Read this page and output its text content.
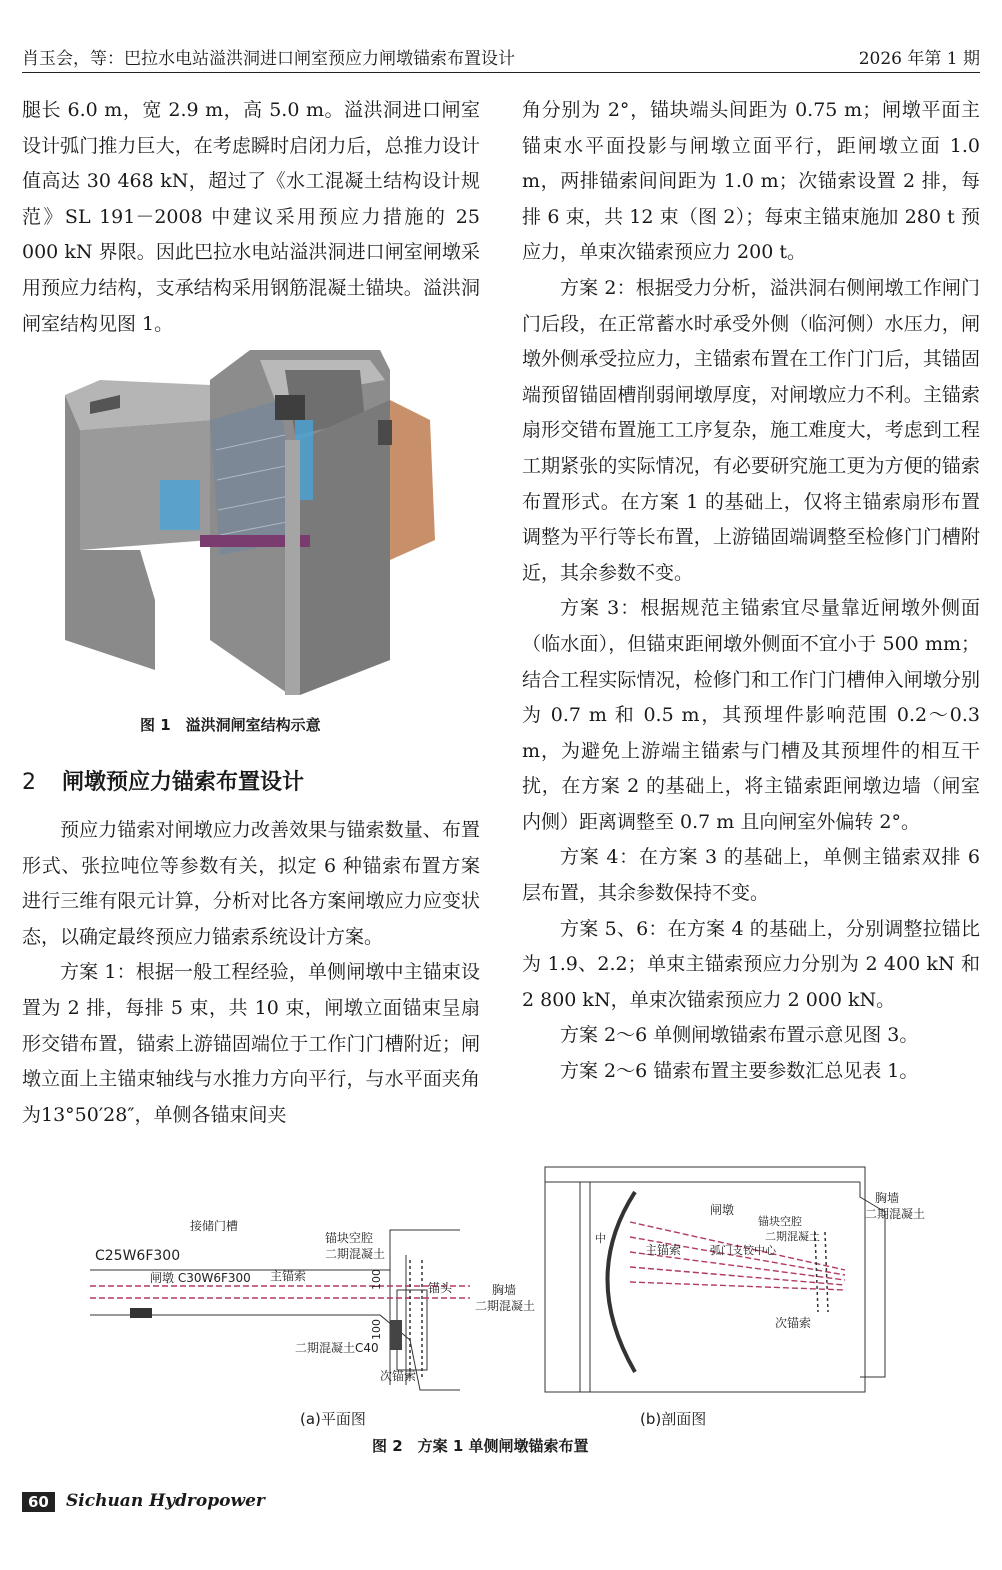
肖玉会，等：巴拉水电站溢洪洞进口闸室预应力闸墩锚索布置设计	2026 年第 1 期

腿长 6.0 m，宽 2.9 m，高 5.0 m。溢洪洞进口闸室设计弧门推力巨大，在考虑瞬时启闭力后，总推力设计值高达 30 468 kN，超过了《水工混凝土结构设计规范》SL 191－2008 中建议采用预应力措施的 25 000 kN 界限。因此巴拉水电站溢洪洞进口闸室闸墩采用预应力结构，支承结构采用钢筋混凝土锚块。溢洪洞闸室结构见图 1。

图 1　溢洪洞闸室结构示意
2 闸墩预应力锚索布置设计

预应力锚索对闸墩应力改善效果与锚索数量、布置形式、张拉吨位等参数有关，拟定 6 种锚索布置方案进行三维有限元计算，分析对比各方案闸墩应力应变状态，以确定最终预应力锚索系统设计方案。

方案 1：根据一般工程经验，单侧闸墩中主锚束设置为 2 排，每排 5 束，共 10 束，闸墩立面锚束呈扇形交错布置，锚索上游锚固端位于工作门门槽附近；闸墩立面上主锚束轴线与水推力方向平行，与水平面夹角为13°50′28″，单侧各锚束间夹

角分别为 2°，锚块端头间距为 0.75 m；闸墩平面主锚束水平面投影与闸墩立面平行，距闸墩立面 1.0 m，两排锚索间间距为 1.0 m；次锚索设置 2 排，每排 6 束，共 12 束（图 2）；每束主锚束施加 280 t 预应力，单束次锚索预应力 200 t。

方案 2：根据受力分析，溢洪洞右侧闸墩工作闸门门后段，在正常蓄水时承受外侧（临河侧）水压力，闸墩外侧承受拉应力，主锚索布置在工作门门后，其锚固端预留锚固槽削弱闸墩厚度，对闸墩应力不利。主锚索扇形交错布置施工工序复杂，施工难度大，考虑到工程工期紧张的实际情况，有必要研究施工更为方便的锚索布置形式。在方案 1 的基础上，仅将主锚索扇形布置调整为平行等长布置，上游锚固端调整至检修门门槽附近，其余参数不变。

方案 3：根据规范主锚索宜尽量靠近闸墩外侧面（临水面），但锚束距闸墩外侧面不宜小于 500 mm；结合工程实际情况，检修门和工作门门槽伸入闸墩分别为 0.7 m 和 0.5 m，其预埋件影响范围 0.2～0.3 m，为避免上游端主锚索与门槽及其预埋件的相互干扰，在方案 2 的基础上，将主锚索距闸墩边墙（闸室内侧）距离调整至 0.7 m 且向闸室外偏转 2°。

方案 4：在方案 3 的基础上，单侧主锚索双排 6 层布置，其余参数保持不变。

方案 5、6：在方案 4 的基础上，分别调整拉锚比为 1.9、2.2；单束主锚索预应力分别为 2 400 kN 和 2 800 kN，单束次锚索预应力 2 000 kN。

方案 2～6 单侧闸墩锚索布置示意见图 3。

方案 2～6 锚索布置主要参数汇总见表 1。

接储门槽
C25W6F300
闸墩 C30W6F300 主锚索
锚块空腔
二期混凝土
100
100
锚头	胸墙
二期混凝土
二期混凝土C40
次锚索
(a)平面图
闸墩
胸墙
二期混凝土
锚块空腔
二期混凝土
主锚索	弧门支铰中心
次锚索
中
(b)剖面图
图 2　方案 1 单侧闸墩锚索布置
60	Sichuan Hydropower
